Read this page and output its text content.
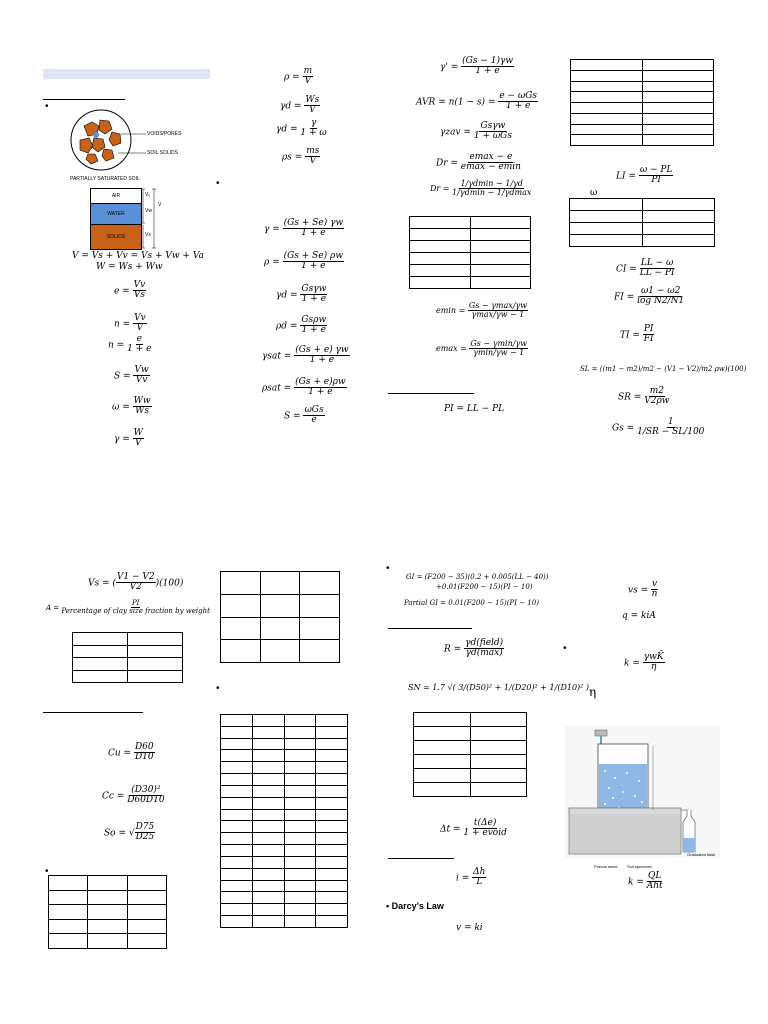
•
VOIDS/PORES
SOIL SOLIDS
PARTIALLY SATURATED SOIL
AIR
WATER
SOLIDS
Vᵥ
Vw
Vs
V
V = Vs + Vv = Vs + Vw + Va
W = Ws + Ww
$e = \frac{Vv}{Vs}$
$n = \frac{Vv}{V}$
$n = \frac{e}{1 + e}$
$S = \frac{Vw}{Vv}$
$\omega = \frac{Ww}{Ws}$
$\gamma = \frac{W}{V}$
Vs = ( $\frac{V1 - V2}{V2} )(100)$
A =
PI
Percentage of clay size fraction by weight

$Cu = \frac{D60}{D10}$
$Cc = \frac{\text{(D30)²}}{D60D10}$
So = √ $\frac{D75}{D25}$
•

$\rho = \frac{m}{V}$
$\gamma d = \frac{Ws}{V}$
$\gamma d = \frac{\gamma}{1 + \omega}$
$\rho s = \frac{ms}{V}$
•
$\gamma = \frac{(Gs + Se) \gamma w}{1 + e}$
$\rho = \frac{(Gs + Se) \rho w}{1 + e}$
γd =
Gsγw
1 + e
ρd =
Gsρw
1 + e
$\gamma sat = \frac{(Gs + e) \gamma w}{1 + e}$
$\rho sat = \frac{(Gs + e)\rho w}{1 + e}$
S =
ωGs
e

•

$\gamma' = \frac{(Gs - 1)\gamma w}{1 + e}$
AVR = n(1 − s) =
e − ωGs
1 + e
γzav =
Gsγw
1 + ωGs
Dr =
emax − e
emax − emin
Dr =
1/γdmin − 1/γd
1/γdmin − 1/γdmax

emin =
Gs − γmax/γw
γmax/γw − 1
emax =
Gs − γmin/γw
γmin/γw − 1
PI = LL − PL
•
GI = (F200 − 35)(0.2 + 0.005(LL − 40))
+0.01(F200 − 15)(PI − 10)
Partial GI = 0.01(F200 − 15)(PI − 10)
R =
γd(field)
γd(max)
SN = 1.7 √( 3/(D50)² + 1/(D20)² + 1/(D10)² )

Δt =
t(Δe)
1 + evoid
$i = \frac{\Delta h}{L}$
• Darcy's Law
v = ki

LI = $\frac{\omega - PL}{PI}$
ω

CI = $\frac{LL - \omega}{LL - PI}$
FI = $\frac{\omega 1 - \omega 2}{\text{log N2/N1}}$
TI = $\frac{PI}{FI}$
SL = ((m1 − m2)/m2 − (V1 − V2)/m2 ρw)(100)
SR = $\frac{m2}{V2\rho w}$
$Gs = \frac{1}{1/SR - SL/100}$
vs = $\frac{v}{n}$
q = kiA
•
k =
γwK̄
η
η
Porous stone Soil specimen
Graduated flask
k =
QL
Aht
